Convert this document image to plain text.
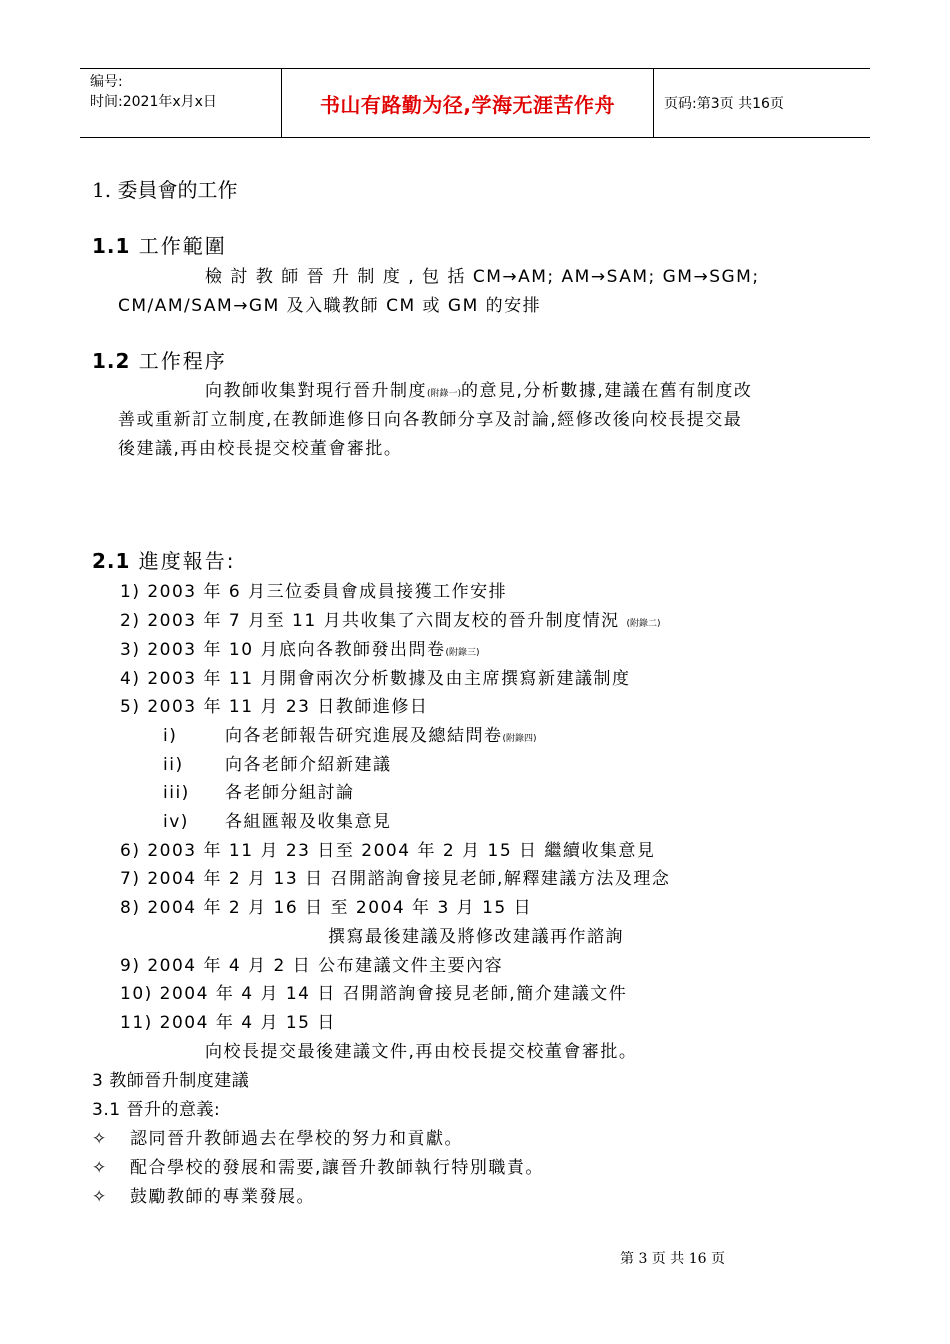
编号:
时间:2021年x月x日	书山有路勤为径,学海无涯苦作舟	页码:第3页 共16页
1. 委員會的工作
1.1 工作範圍
檢 討 教 師 晉 升 制 度 , 包 括 CM→AM; AM→SAM; GM→SGM;
CM/AM/SAM→GM 及入職教師 CM 或 GM 的安排
1.2 工作程序
向教師收集對現行晉升制度(附錄一)的意見,分析數據,建議在舊有制度改
善或重新訂立制度,在教師進修日向各教師分享及討論,經修改後向校長提交最
後建議,再由校長提交校董會審批。
2.1 進度報告:
1) 2003 年 6 月三位委員會成員接獲工作安排
2) 2003 年 7 月至 11 月共收集了六間友校的晉升制度情況 (附錄二)
3) 2003 年 10 月底向各教師發出問卷(附錄三)
4) 2003 年 11 月開會兩次分析數據及由主席撰寫新建議制度
5) 2003 年 11 月 23 日教師進修日
i)	向各老師報告研究進展及總結問卷(附錄四)
ii) 向各老師介紹新建議
iii) 各老師分組討論
iv) 各組匯報及收集意見
6) 2003 年 11 月 23 日至 2004 年 2 月 15 日 繼續收集意見
7) 2004 年 2 月 13 日 召開諮詢會接見老師,解釋建議方法及理念
8) 2004 年 2 月 16 日 至 2004 年 3 月 15 日
撰寫最後建議及將修改建議再作諮詢
9) 2004 年 4 月 2 日 公布建議文件主要內容
10) 2004 年 4 月 14 日 召開諮詢會接見老師,簡介建議文件
11) 2004 年 4 月 15 日
向校長提交最後建議文件,再由校長提交校董會審批。
3 教師晉升制度建議
3.1 晉升的意義:
✧ 認同晉升教師過去在學校的努力和貢獻。
✧ 配合學校的發展和需要,讓晉升教師執行特別職責。
✧ 鼓勵教師的專業發展。
第 3 页 共 16 页
